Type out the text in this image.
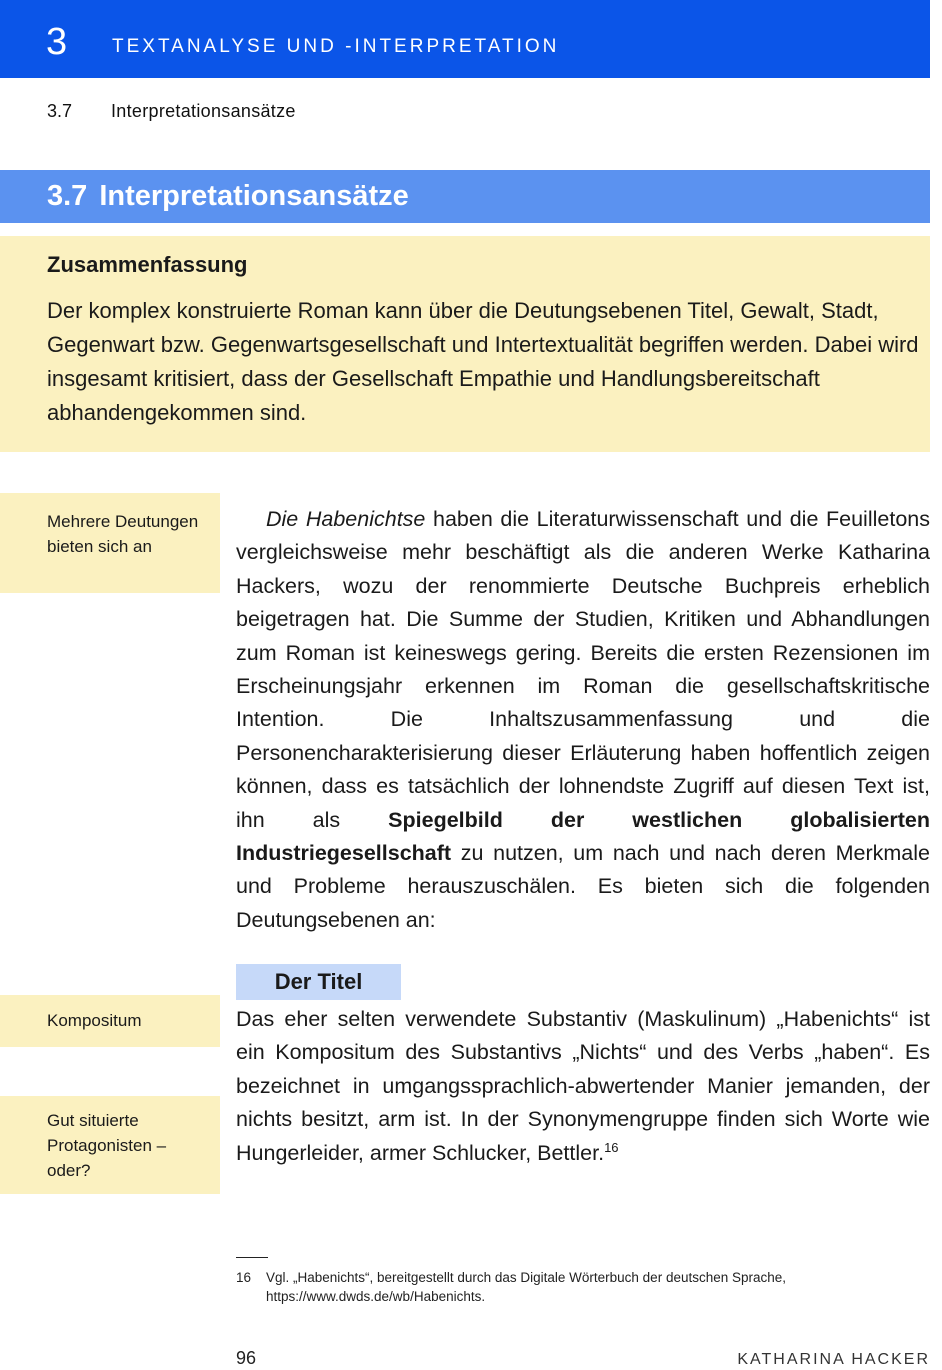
3 TEXTANALYSE UND -INTERPRETATION
3.7 Interpretationsansätze
3.7 Interpretationsansätze
Zusammenfassung
Der komplex konstruierte Roman kann über die Deutungsebenen Titel, Gewalt, Stadt, Gegenwart bzw. Gegenwartsgesellschaft und Intertextualität begriffen werden. Dabei wird insgesamt kritisiert, dass der Gesellschaft Empathie und Handlungsbereitschaft abhandengekommen sind.
Mehrere Deutungen bieten sich an
Kompositum
Gut situierte Protagonisten – oder?
Die Habenichtse haben die Literaturwissenschaft und die Feuilletons vergleichsweise mehr beschäftigt als die anderen Werke Katharina Hackers, wozu der renommierte Deutsche Buchpreis erheblich beigetragen hat. Die Summe der Studien, Kritiken und Abhandlungen zum Roman ist keineswegs gering. Bereits die ersten Rezensionen im Erscheinungsjahr erkennen im Roman die gesellschaftskritische Intention. Die Inhaltszusammenfassung und die Personencharakterisierung dieser Erläuterung haben hoffentlich zeigen können, dass es tatsächlich der lohnendste Zugriff auf diesen Text ist, ihn als Spiegelbild der westlichen globalisierten Industriegesellschaft zu nutzen, um nach und nach deren Merkmale und Probleme herauszuschälen. Es bieten sich die folgenden Deutungsebenen an:
Der Titel
Das eher selten verwendete Substantiv (Maskulinum) „Habenichts“ ist ein Kompositum des Substantivs „Nichts“ und des Verbs „haben“. Es bezeichnet in umgangssprachlich-abwertender Manier jemanden, der nichts besitzt, arm ist. In der Synonymengruppe finden sich Worte wie Hungerleider, armer Schlucker, Bettler.$^{16}$
16 Vgl. „Habenichts“, bereitgestellt durch das Digitale Wörterbuch der deutschen Sprache, https://www.dwds.de/wb/Habenichts.
96	KATHARINA HACKER
